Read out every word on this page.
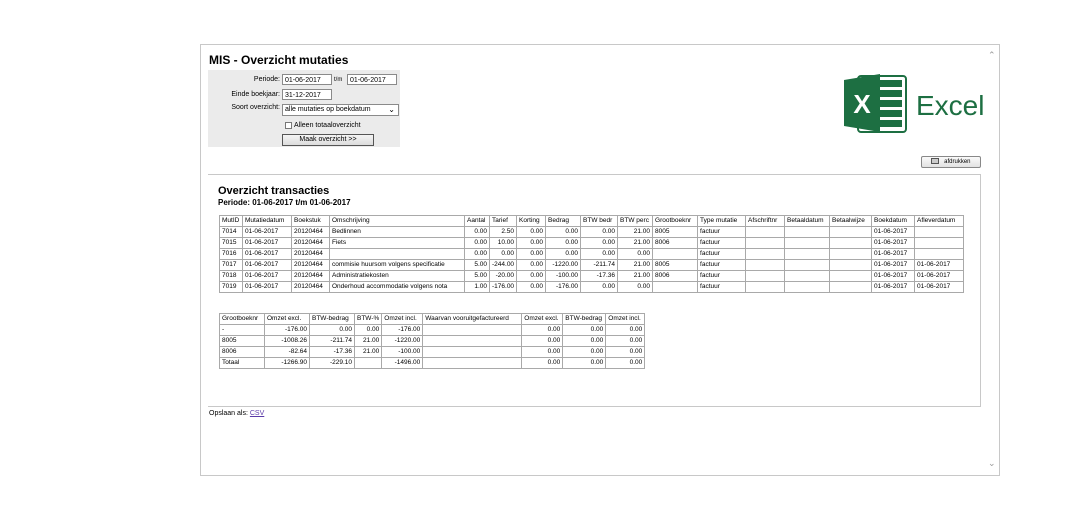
⌃
⌄
MIS - Overzicht mutaties
Periode: 01-06-2017	t/m	01-06-2017
Einde boekjaar: 31-12-2017
Soort overzicht: alle mutaties op boekdatum ⌄
Alleen totaaloverzicht
Maak overzicht >>
X Excel
afdrukken
Overzicht transacties
Periode: 01-06-2017 t/m 01-06-2017
MutID	Mutatiedatum	Boekstuk	Omschrijving	Aantal	Tarief	Korting	Bedrag	BTW bedr	BTW perc	Grootboeknr	Type mutatie	Afschriftnr	Betaaldatum	Betaalwijze	Boekdatum	Afleverdatum
7014	01-06-2017	20120464	Bedlinnen	0.00	2.50	0.00	0.00	0.00	21.00	8005	factuur				01-06-2017	
7015	01-06-2017	20120464	Fiets	0.00	10.00	0.00	0.00	0.00	21.00	8006	factuur				01-06-2017	
7016	01-06-2017	20120464		0.00	0.00	0.00	0.00	0.00	0.00		factuur				01-06-2017	
7017	01-06-2017	20120464	commisie huursom volgens specificatie	5.00	-244.00	0.00	-1220.00	-211.74	21.00	8005	factuur				01-06-2017	01-06-2017
7018	01-06-2017	20120464	Administratiekosten	5.00	-20.00	0.00	-100.00	-17.36	21.00	8006	factuur				01-06-2017	01-06-2017
7019	01-06-2017	20120464	Onderhoud accommodatie volgens nota	1.00	-176.00	0.00	-176.00	0.00	0.00		factuur				01-06-2017	01-06-2017
Grootboeknr	Omzet excl.	BTW-bedrag	BTW-%	Omzet incl.	Waarvan vooruitgefactureerd	Omzet excl.	BTW-bedrag	Omzet incl.
-	-176.00	0.00	0.00	-176.00		0.00	0.00	0.00
8005	-1008.26	-211.74	21.00	-1220.00		0.00	0.00	0.00
8006	-82.64	-17.36	21.00	-100.00		0.00	0.00	0.00
Totaal	-1266.90	-229.10		-1496.00		0.00	0.00	0.00
Opslaan als: CSV
